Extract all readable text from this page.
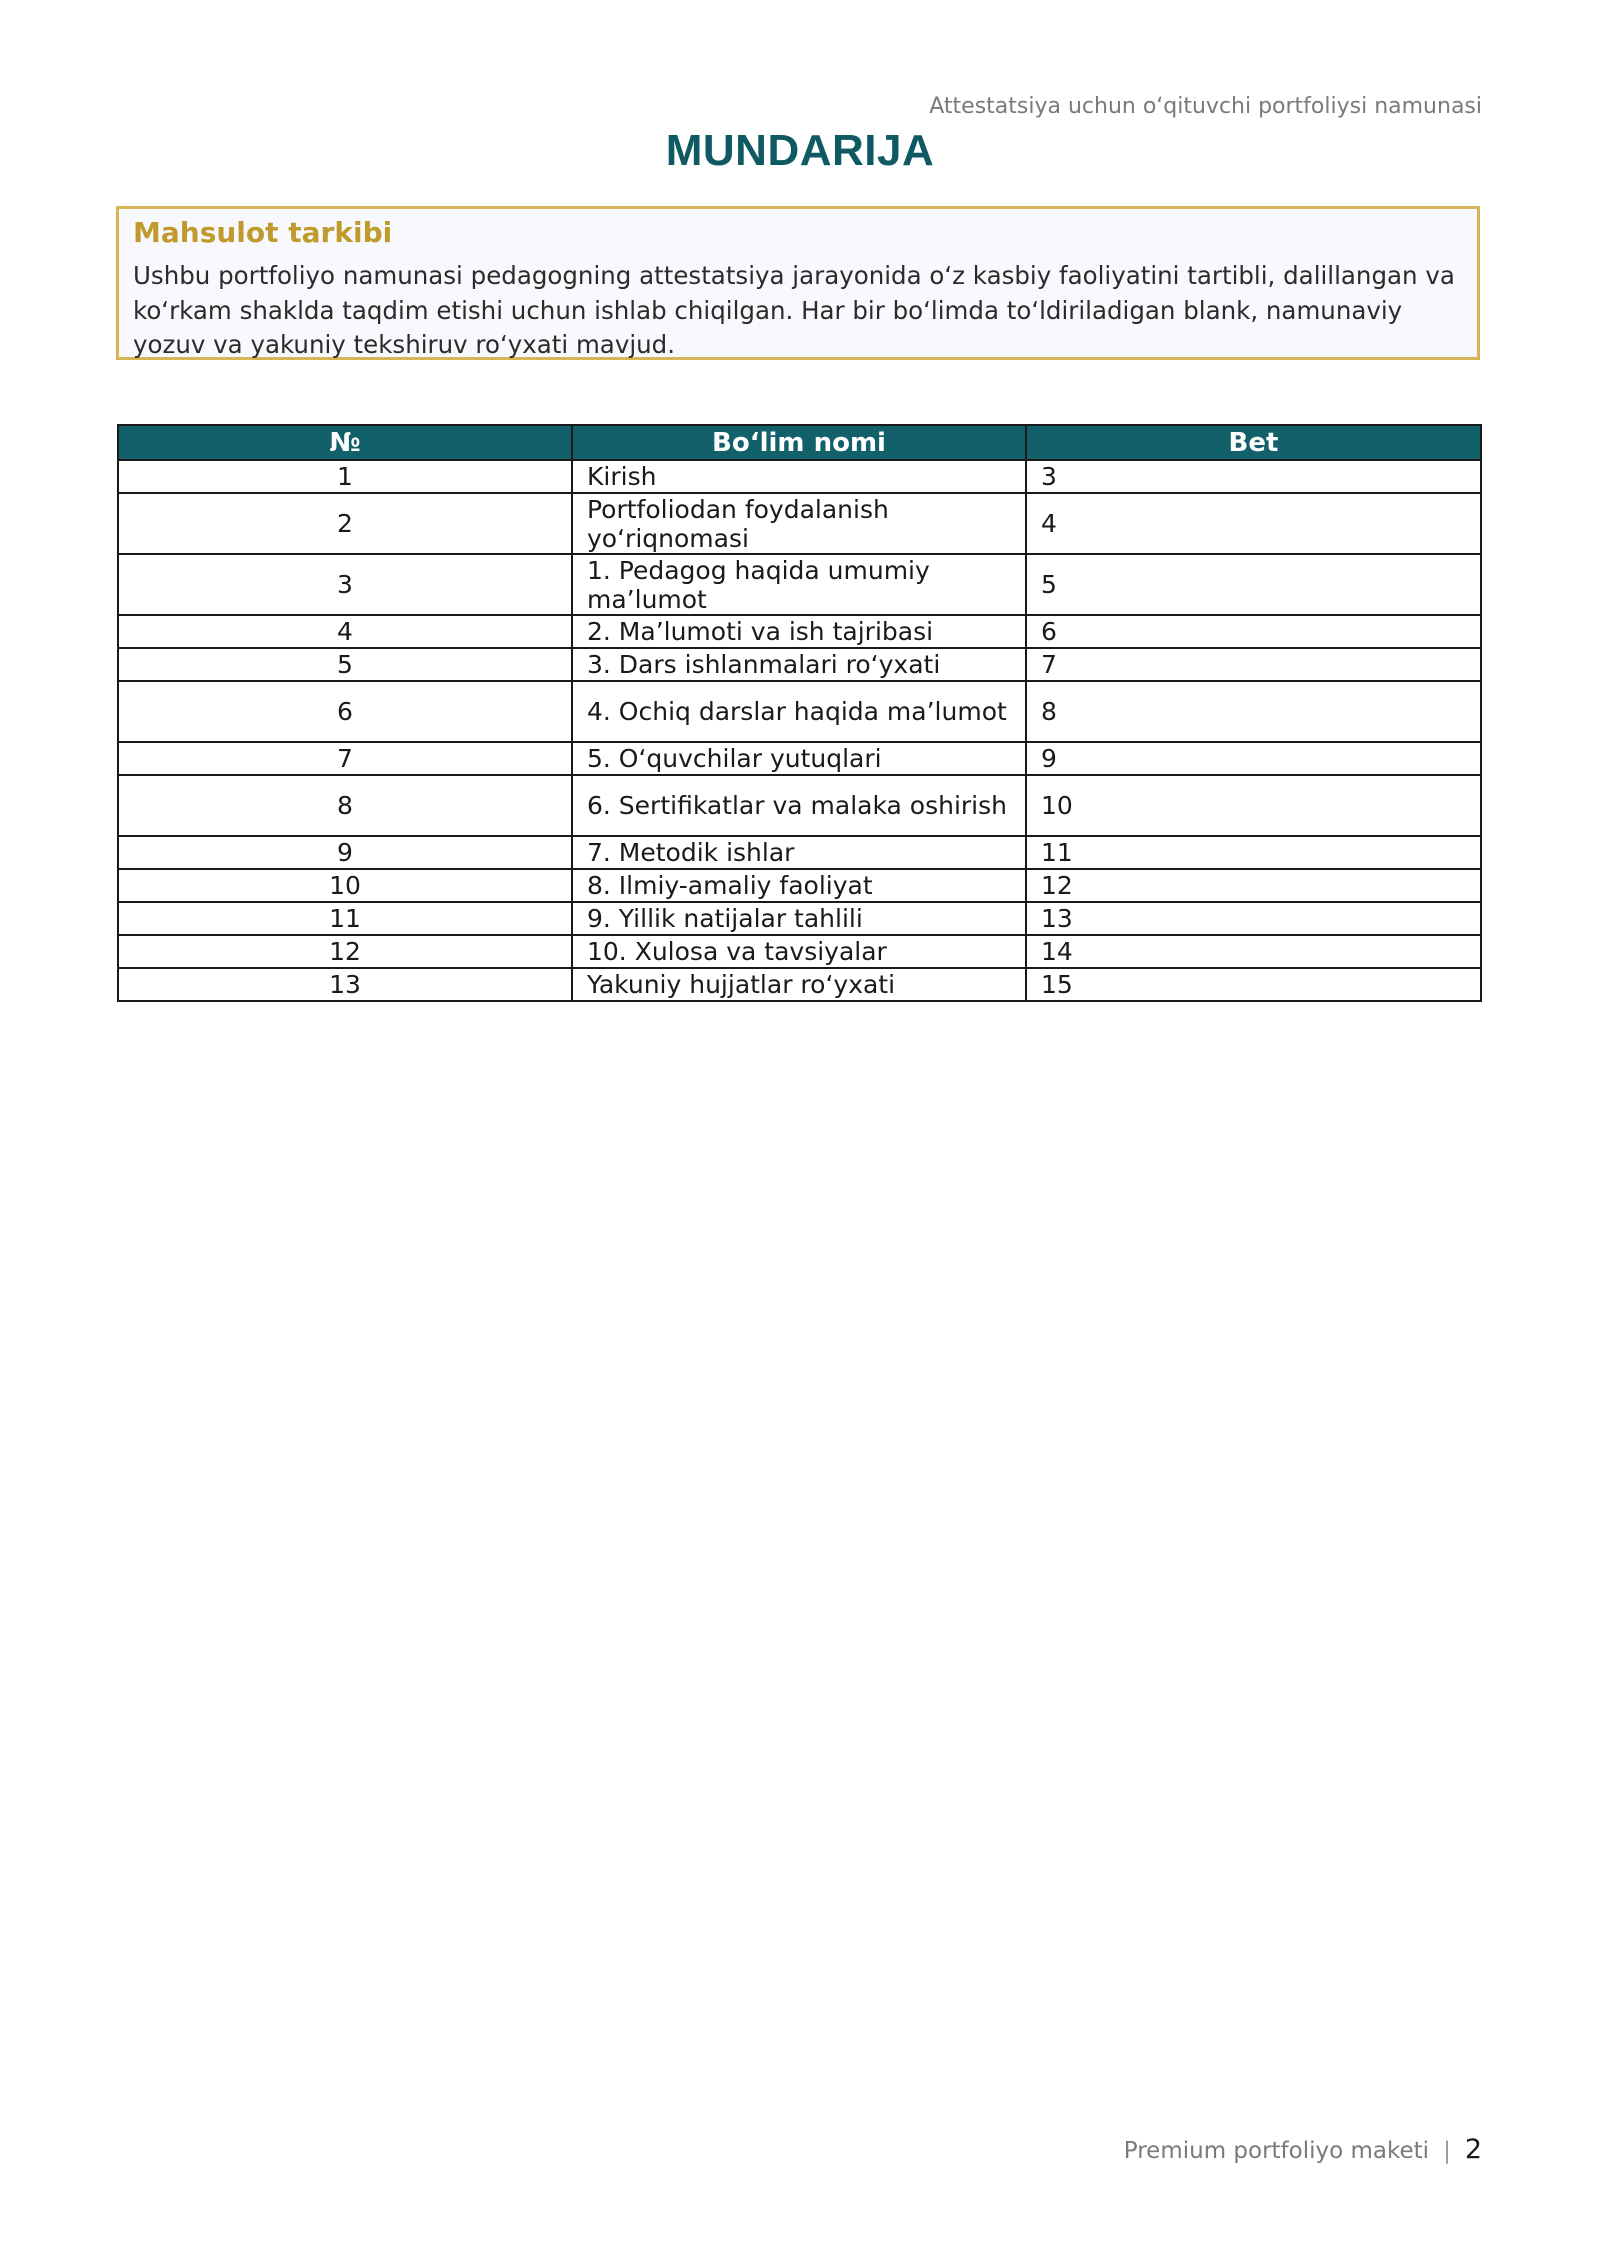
Attestatsiya uchun o‘qituvchi portfoliysi namunasi
MUNDARIJA
Mahsulot tarkibi
Ushbu portfoliyo namunasi pedagogning attestatsiya jarayonida o‘z kasbiy faoliyatini tartibli, dalillangan va ko‘rkam shaklda taqdim etishi uchun ishlab chiqilgan. Har bir bo‘limda to‘ldiriladigan blank, namunaviy yozuv va yakuniy tekshiruv ro‘yxati mavjud.
№	Bo‘lim nomi	Bet
1	Kirish	3
2	Portfoliodan foydalanish yo‘riqnomasi	4
3	1. Pedagog haqida umumiy ma’lumot	5
4	2. Ma’lumoti va ish tajribasi	6
5	3. Dars ishlanmalari ro‘yxati	7
6	4. Ochiq darslar haqida ma’lumot	8
7	5. O‘quvchilar yutuqlari	9
8	6. Sertifikatlar va malaka oshirish	10
9	7. Metodik ishlar	11
10	8. Ilmiy-amaliy faoliyat	12
11	9. Yillik natijalar tahlili	13
12	10. Xulosa va tavsiyalar	14
13	Yakuniy hujjatlar ro‘yxati	15
Premium portfoliyo maketi | 2
